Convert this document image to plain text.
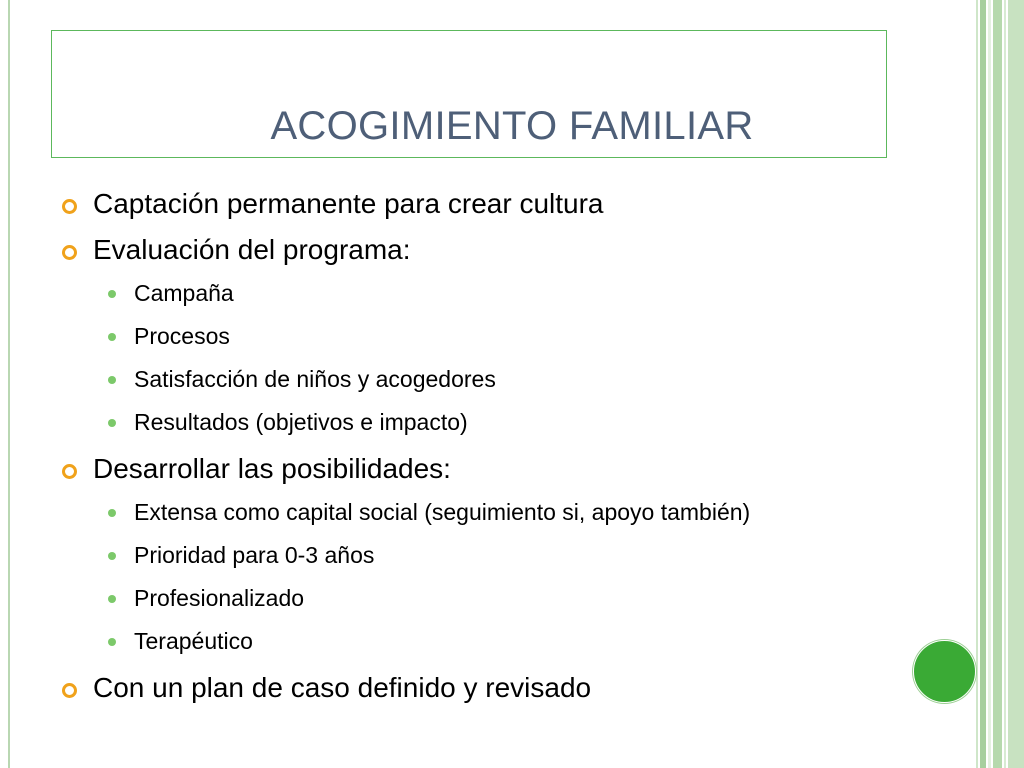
ACOGIMIENTO FAMILIAR
Captación permanente para crear cultura
Evaluación del programa:
Campaña
Procesos
Satisfacción de niños y acogedores
Resultados (objetivos e impacto)
Desarrollar las posibilidades:
Extensa como capital social (seguimiento si, apoyo también)
Prioridad para 0-3 años
Profesionalizado
Terapéutico
Con un plan de caso definido y revisado
